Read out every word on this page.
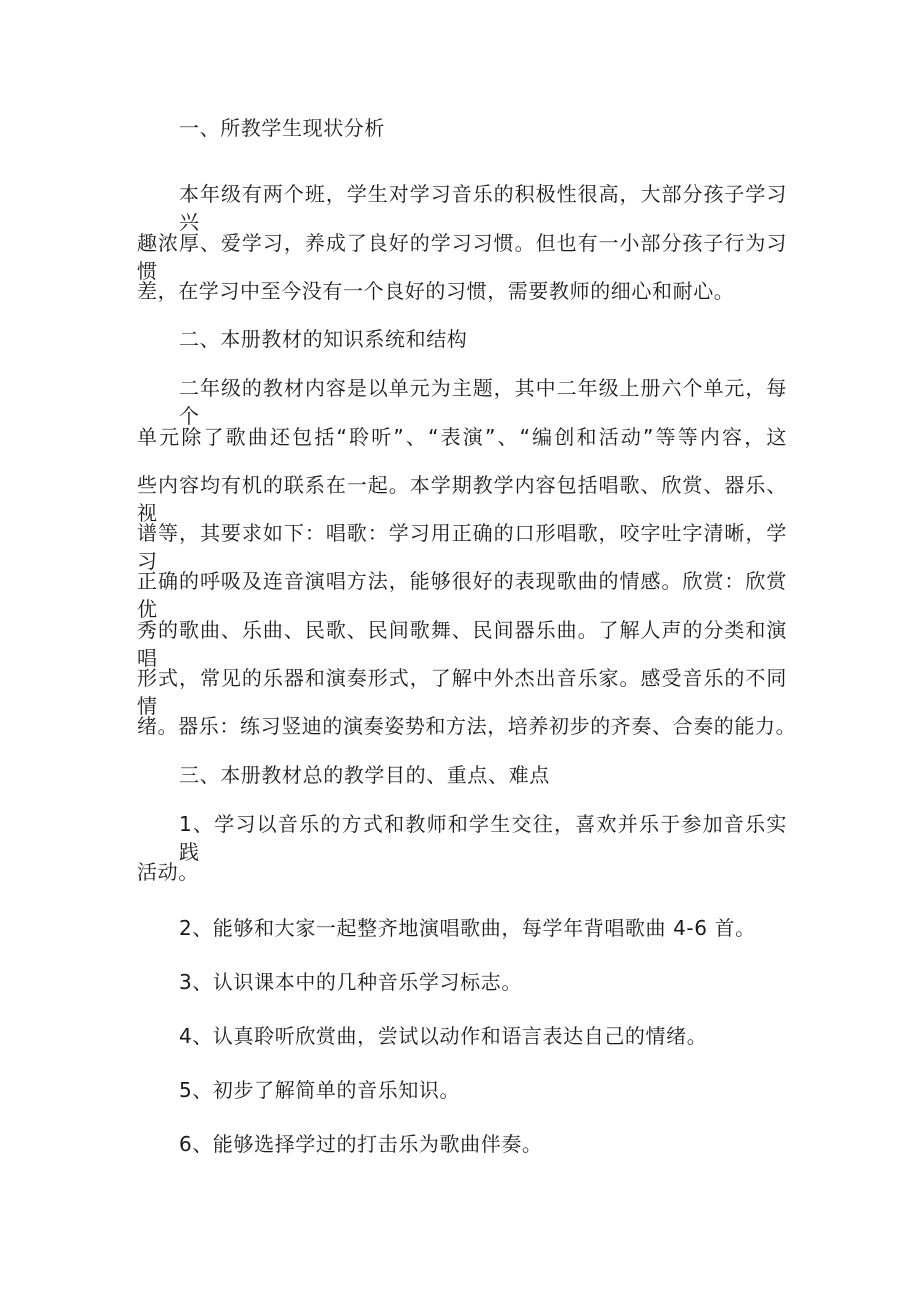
一、所教学生现状分析
本年级有两个班，学生对学习音乐的积极性很高，大部分孩子学习兴
趣浓厚、爱学习，养成了良好的学习习惯。但也有一小部分孩子行为习惯
差，在学习中至今没有一个良好的习惯，需要教师的细心和耐心。
二、本册教材的知识系统和结构
二年级的教材内容是以单元为主题，其中二年级上册六个单元，每个
单元除了歌曲还包括“聆听”、“表演”、“编创和活动”等等内容，这
些内容均有机的联系在一起。本学期教学内容包括唱歌、欣赏、器乐、视
谱等，其要求如下：唱歌：学习用正确的口形唱歌，咬字吐字清晰，学习
正确的呼吸及连音演唱方法，能够很好的表现歌曲的情感。欣赏：欣赏优
秀的歌曲、乐曲、民歌、民间歌舞、民间器乐曲。了解人声的分类和演唱
形式，常见的乐器和演奏形式，了解中外杰出音乐家。感受音乐的不同情
绪。器乐：练习竖迪的演奏姿势和方法，培养初步的齐奏、合奏的能力。
三、本册教材总的教学目的、重点、难点
1、学习以音乐的方式和教师和学生交往，喜欢并乐于参加音乐实践
活动。
2、能够和大家一起整齐地演唱歌曲，每学年背唱歌曲 4-6 首。
3、认识课本中的几种音乐学习标志。
4、认真聆听欣赏曲，尝试以动作和语言表达自己的情绪。
5、初步了解简单的音乐知识。
6、能够选择学过的打击乐为歌曲伴奏。
